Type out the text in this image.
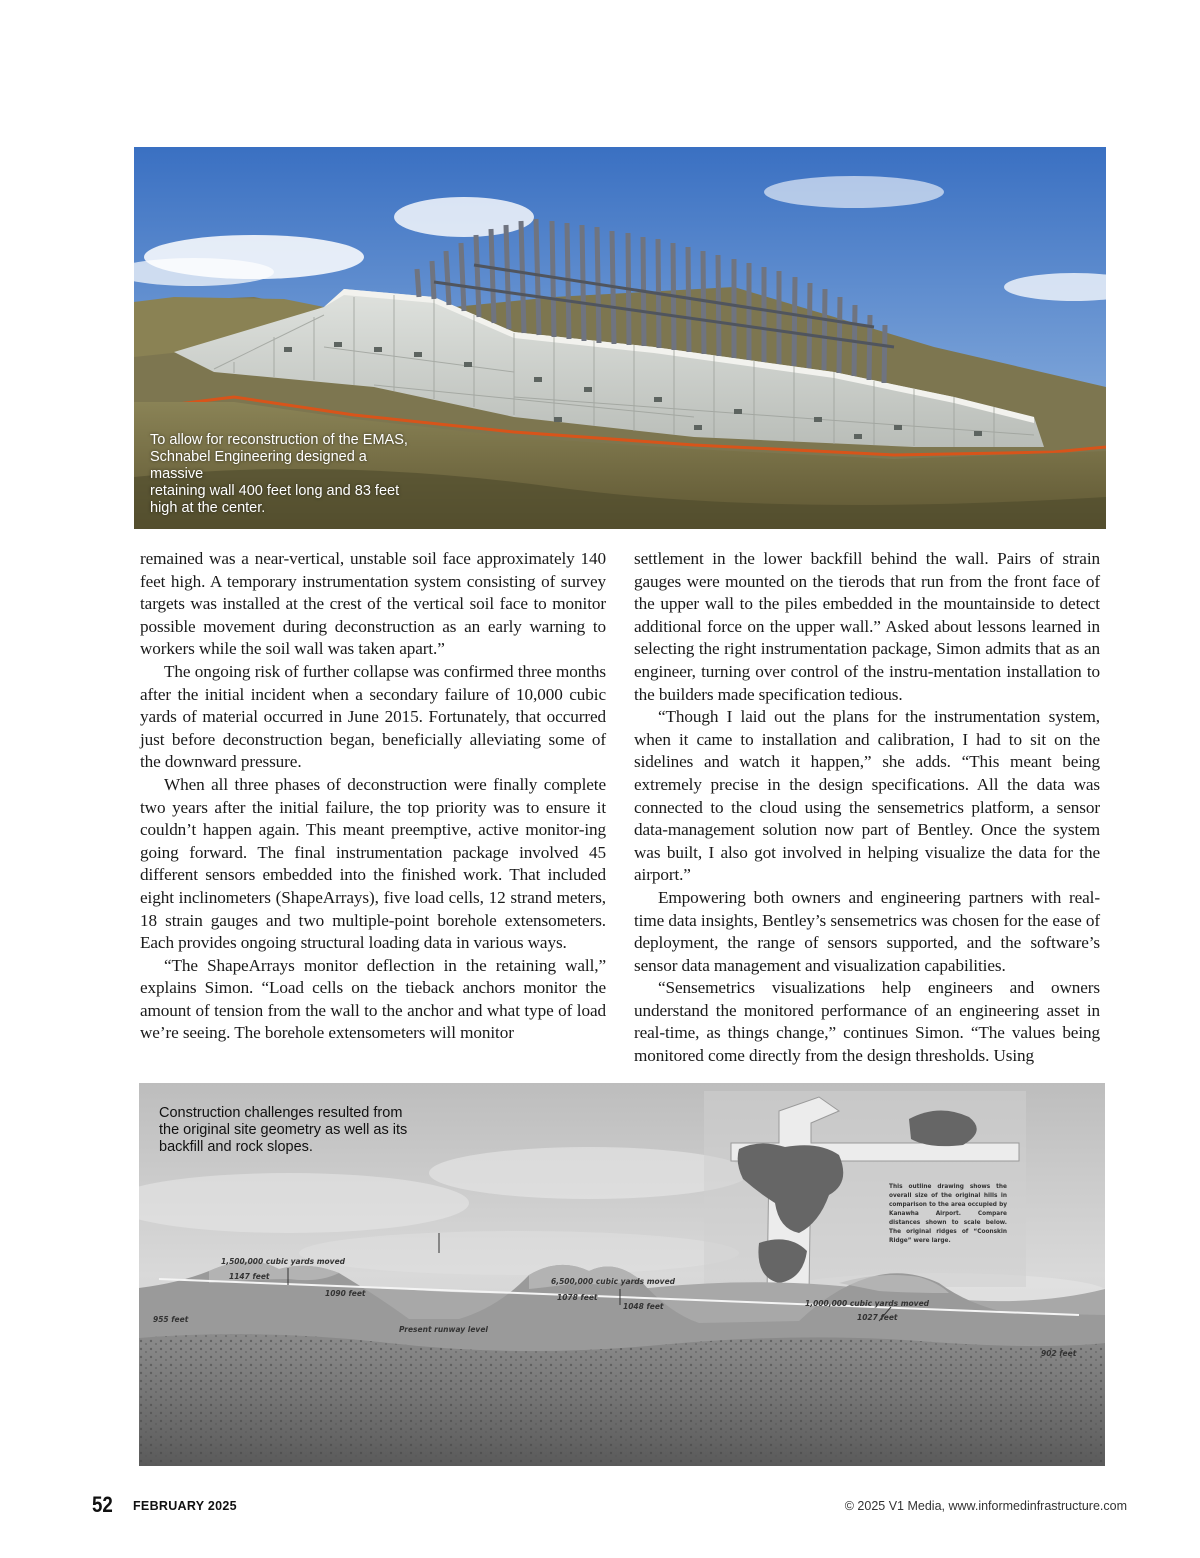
To allow for reconstruction of the EMAS,
Schnabel Engineering designed a massive
retaining wall 400 feet long and 83 feet
high at the center.

remained was a near-vertical, unstable soil face approximately 140 feet high. A temporary instrumentation system consisting of survey targets was installed at the crest of the vertical soil face to monitor possible movement during deconstruction as an early warning to workers while the soil wall was taken apart.”

The ongoing risk of further collapse was confirmed three months after the initial incident when a secondary failure of 10,000 cubic yards of material occurred in June 2015. Fortunately, that occurred just before deconstruction began, beneficially alleviating some of the downward pressure.

When all three phases of deconstruction were finally complete two years after the initial failure, the top priority was to ensure it couldn’t happen again. This meant preemptive, active monitor-ing going forward. The final instrumentation package involved 45 different sensors embedded into the finished work. That included eight inclinometers (ShapeArrays), five load cells, 12 strand meters, 18 strain gauges and two multiple-point borehole extensometers. Each provides ongoing structural loading data in various ways.

“The ShapeArrays monitor deflection in the retaining wall,” explains Simon. “Load cells on the tieback anchors monitor the amount of tension from the wall to the anchor and what type of load we’re seeing. The borehole extensometers will monitor

settlement in the lower backfill behind the wall. Pairs of strain gauges were mounted on the tierods that run from the front face of the upper wall to the piles embedded in the mountainside to detect additional force on the upper wall.” Asked about lessons learned in selecting the right instrumentation package, Simon admits that as an engineer, turning over control of the instru-mentation installation to the builders made specification tedious.

“Though I laid out the plans for the instrumentation system, when it came to installation and calibration, I had to sit on the sidelines and watch it happen,” she adds. “This meant being extremely precise in the design specifications. All the data was connected to the cloud using the sensemetrics platform, a sensor data-management solution now part of Bentley. Once the system was built, I also got involved in helping visualize the data for the airport.”

Empowering both owners and engineering partners with real-time data insights, Bentley’s sensemetrics was chosen for the ease of deployment, the range of sensors supported, and the software’s sensor data management and visualization capabilities.

“Sensemetrics visualizations help engineers and owners understand the monitored performance of an engineering asset in real-time, as things change,” continues Simon. “The values being monitored come directly from the design thresholds. Using

Construction challenges resulted from
the original site geometry as well as its
backfill and rock slopes.
1,500,000 cubic yards moved
1147 feet
1090 feet
955 feet
Present runway level
6,500,000 cubic yards moved
1078 feet
1048 feet	1,000,000 cubic yards moved
1027 feet
902 feet
This outline drawing shows the overall size of the original hills in comparison to the area occupied by Kanawha Airport. Compare distances shown to scale below. The original ridges of “Coonskin Ridge” were large.
52 FEBRUARY 2025	© 2025 V1 Media, www.informedinfrastructure.com
